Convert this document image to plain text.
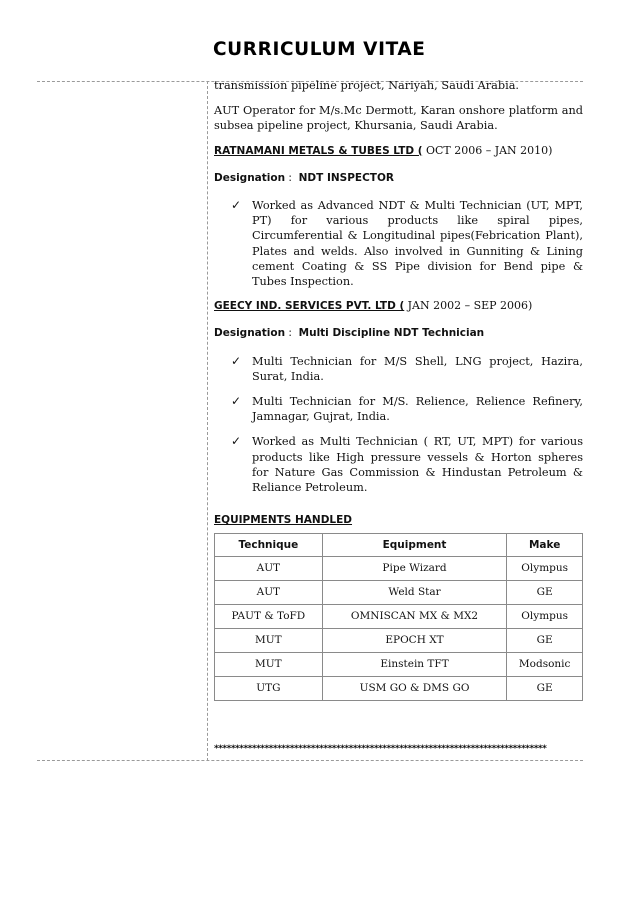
CURRICULUM VITAE

transmission pipeline project, Nariyah, Saudi Arabia.

AUT Operator for M/s.Mc Dermott, Karan onshore platform and subsea pipeline project, Khursania, Saudi Arabia.

RATNAMANI METALS & TUBES LTD ( OCT 2006 – JAN 2010)

Designation :  NDT INSPECTOR

✓ Worked as Advanced NDT & Multi Technician (UT, MPT, PT) for various products like spiral pipes, Circumferential & Longitudinal pipes(Febrication Plant), Plates and welds. Also involved in Gunniting & Lining cement Coating & SS Pipe division for Bend pipe & Tubes Inspection.

GEECY IND. SERVICES PVT. LTD ( JAN 2002 – SEP 2006)

Designation :  Multi Discipline NDT Technician

✓ Multi Technician for M/S Shell, LNG project, Hazira, Surat, India.
✓ Multi Technician for M/S. Relience, Relience Refinery, Jamnagar, Gujrat, India.
✓ Worked as Multi Technician ( RT, UT, MPT) for various products like High pressure vessels & Horton spheres for Nature Gas Commission & Hindustan Petroleum & Reliance Petroleum.

EQUIPMENTS HANDLED

Technique	Equipment	Make
AUT	Pipe Wizard	Olympus
AUT	Weld Star	GE
PAUT & ToFD	OMNISCAN MX & MX2	Olympus
MUT	EPOCH XT	GE
MUT	Einstein TFT	Modsonic
UTG	USM GO & DMS GO	GE
*******************************************************************************
